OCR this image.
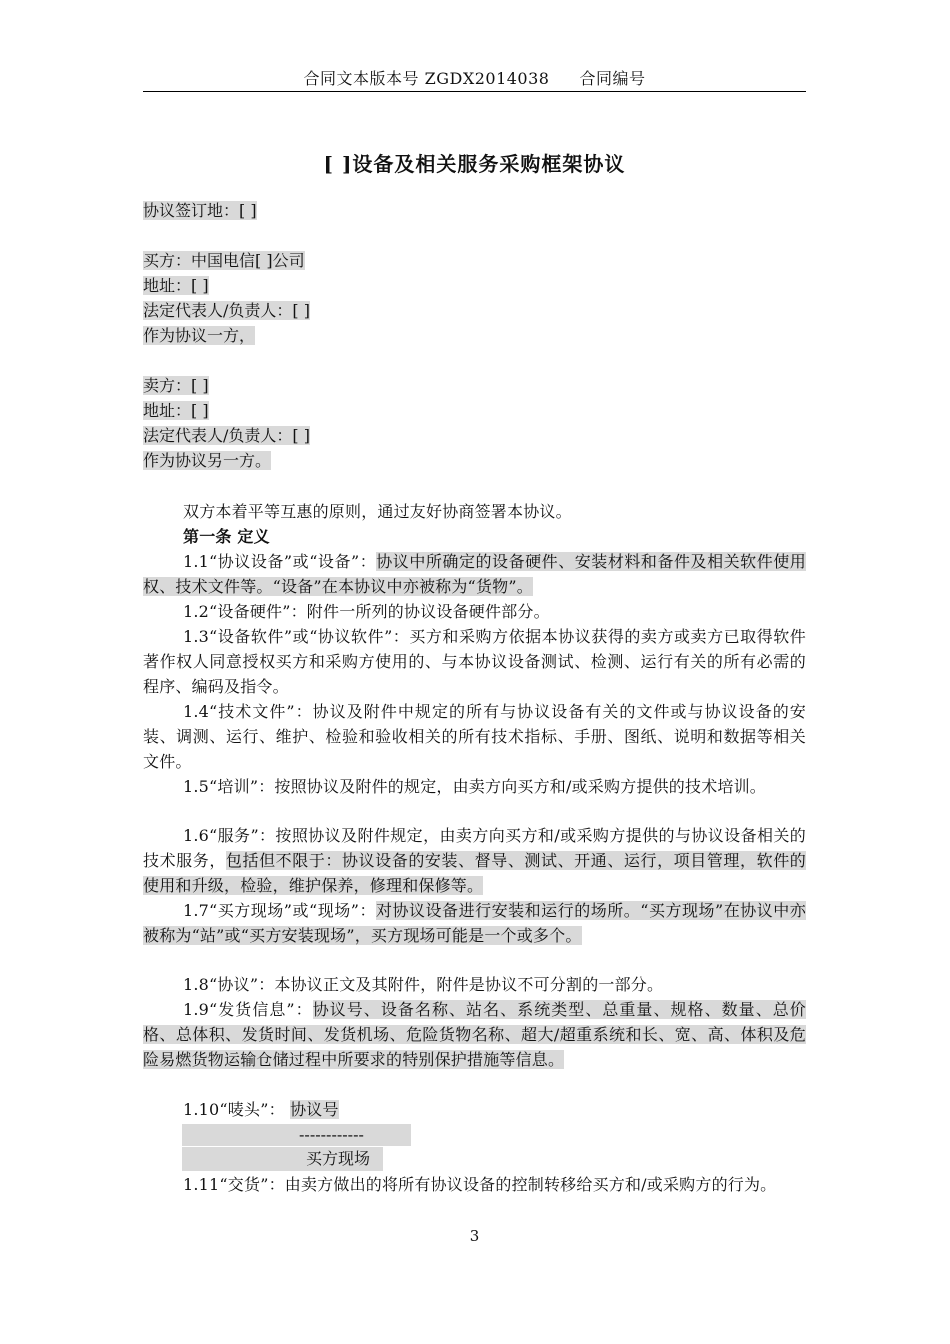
合同文本版本号 ZGDX2014038 合同编号
[ ]设备及相关服务采购框架协议
协议签订地：[ ]
买方：中国电信[ ]公司
地址：[ ]
法定代表人/负责人：[ ]
作为协议一方，
卖方：[ ]
地址：[ ]
法定代表人/负责人：[ ]
作为协议另一方。
双方本着平等互惠的原则，通过友好协商签署本协议。
第一条 定义
1.1“协议设备”或“设备”：协议中所确定的设备硬件、安装材料和备件及相关软件使用权、技术文件等。“设备”在本协议中亦被称为“货物”。
1.2“设备硬件”：附件一所列的协议设备硬件部分。
1.3“设备软件”或“协议软件”：买方和采购方依据本协议获得的卖方或卖方已取得软件著作权人同意授权买方和采购方使用的、与本协议设备测试、检测、运行有关的所有必需的程序、编码及指令。
1.4“技术文件”：协议及附件中规定的所有与协议设备有关的文件或与协议设备的安装、调测、运行、维护、检验和验收相关的所有技术指标、手册、图纸、说明和数据等相关文件。
1.5“培训”：按照协议及附件的规定，由卖方向买方和/或采购方提供的技术培训。
1.6“服务”：按照协议及附件规定，由卖方向买方和/或采购方提供的与协议设备相关的技术服务，包括但不限于：协议设备的安装、督导、测试、开通、运行，项目管理，软件的使用和升级，检验，维护保养，修理和保修等。
1.7“买方现场”或“现场”：对协议设备进行安装和运行的场所。“买方现场”在协议中亦被称为“站”或“买方安装现场”，买方现场可能是一个或多个。
1.8“协议”：本协议正文及其附件，附件是协议不可分割的一部分。
1.9“发货信息”：协议号、设备名称、站名、系统类型、总重量、规格、数量、总价格、总体积、发货时间、发货机场、危险货物名称、超大/超重系统和长、宽、高、体积及危险易燃货物运输仓储过程中所要求的特别保护措施等信息。
1.10“唛头”： 协议号
------------
买方现场
1.11“交货”：由卖方做出的将所有协议设备的控制转移给买方和/或采购方的行为。
3
